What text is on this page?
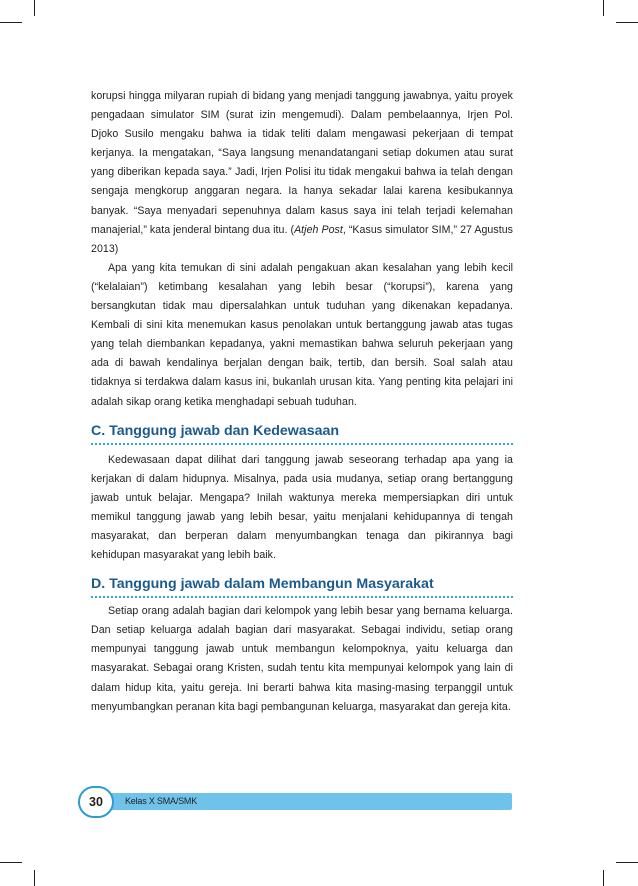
korupsi hingga milyaran rupiah di bidang yang menjadi tanggung jawabnya, yaitu proyek pengadaan simulator SIM (surat izin mengemudi). Dalam pembelaannya, Irjen Pol. Djoko Susilo mengaku bahwa ia tidak teliti dalam mengawasi pekerjaan di tempat kerjanya. Ia mengatakan, “Saya langsung menandatangani setiap dokumen atau surat yang diberikan kepada saya.” Jadi, Irjen Polisi itu tidak mengakui bahwa ia telah dengan sengaja mengkorup anggaran negara. Ia hanya sekadar lalai karena kesibukannya banyak. “Saya menyadari sepenuhnya dalam kasus saya ini telah terjadi kelemahan manajerial,” kata jenderal bintang dua itu. (Atjeh Post, “Kasus simulator SIM,” 27 Agustus 2013)

Apa yang kita temukan di sini adalah pengakuan akan kesalahan yang lebih kecil (“kelalaian”) ketimbang kesalahan yang lebih besar (“korupsi”), karena yang bersangkutan tidak mau dipersalahkan untuk tuduhan yang dikenakan kepadanya. Kembali di sini kita menemukan kasus penolakan untuk bertanggung jawab atas tugas yang telah diembankan kepadanya, yakni memastikan bahwa seluruh pekerjaan yang ada di bawah kendalinya berjalan dengan baik, tertib, dan bersih. Soal salah atau tidaknya si terdakwa dalam kasus ini, bukanlah urusan kita. Yang penting kita pelajari ini adalah sikap orang ketika menghadapi sebuah tuduhan.

C. Tanggung jawab dan Kedewasaan

Kedewasaan dapat dilihat dari tanggung jawab seseorang terhadap apa yang ia kerjakan di dalam hidupnya. Misalnya, pada usia mudanya, setiap orang bertanggung jawab untuk belajar. Mengapa? Inilah waktunya mereka mempersiapkan diri untuk memikul tanggung jawab yang lebih besar, yaitu menjalani kehidupannya di tengah masyarakat, dan berperan dalam menyumbangkan tenaga dan pikirannya bagi kehidupan masyarakat yang lebih baik.

D. Tanggung jawab dalam Membangun Masyarakat

Setiap orang adalah bagian dari kelompok yang lebih besar yang bernama keluarga. Dan setiap keluarga adalah bagian dari masyarakat. Sebagai individu, setiap orang mempunyai tanggung jawab untuk membangun kelompoknya, yaitu keluarga dan masyarakat. Sebagai orang Kristen, sudah tentu kita mempunyai kelompok yang lain di dalam hidup kita, yaitu gereja. Ini berarti bahwa kita masing-masing terpanggil untuk menyumbangkan peranan kita bagi pembangunan keluarga, masyarakat dan gereja kita.

30 Kelas X SMA/SMK
